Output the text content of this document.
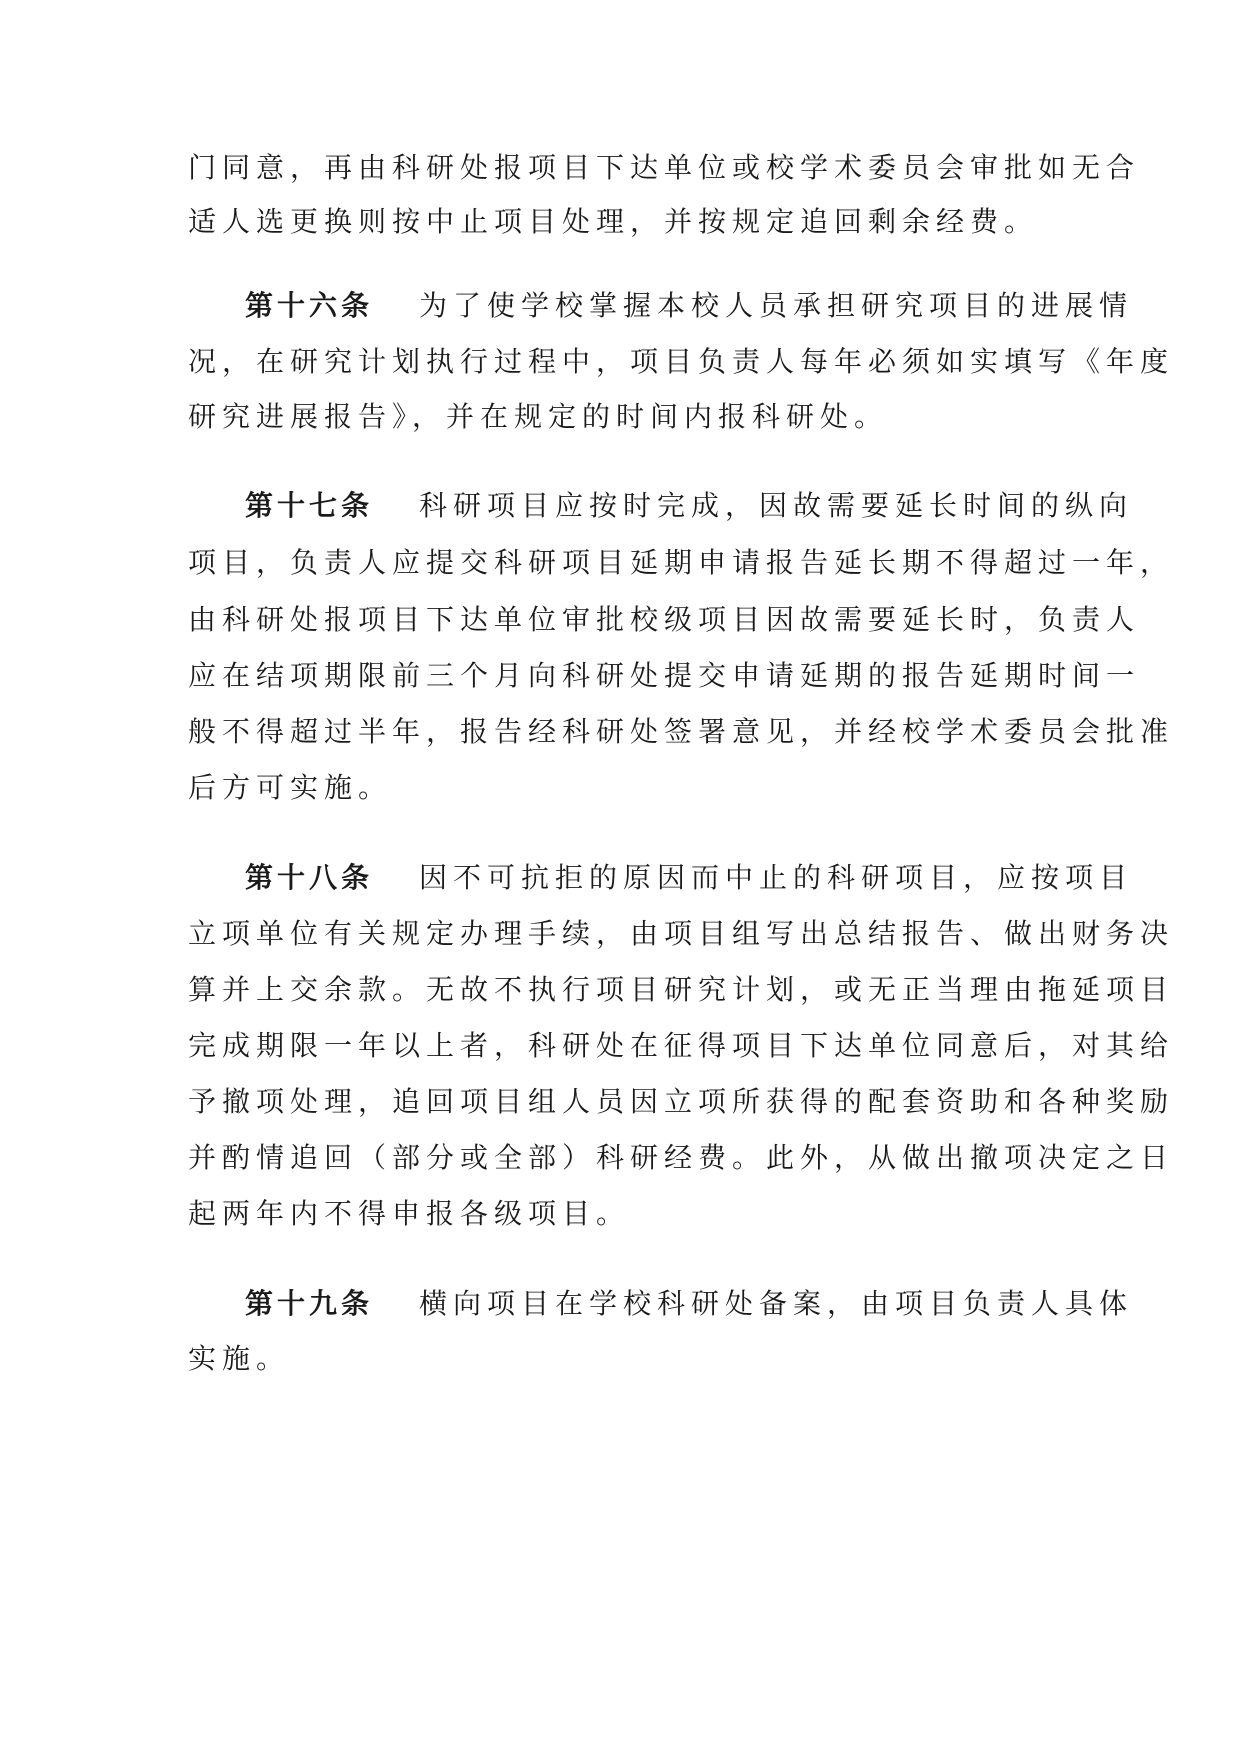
门同意，再由科研处报项目下达单位或校学术委员会审批如无合
适人选更换则按中止项目处理，并按规定追回剩余经费。
第十六条 为了使学校掌握本校人员承担研究项目的进展情
况，在研究计划执行过程中，项目负责人每年必须如实填写《年度
研究进展报告》，并在规定的时间内报科研处。
第十七条 科研项目应按时完成，因故需要延长时间的纵向
项目，负责人应提交科研项目延期申请报告延长期不得超过一年，
由科研处报项目下达单位审批校级项目因故需要延长时，负责人
应在结项期限前三个月向科研处提交申请延期的报告延期时间一
般不得超过半年，报告经科研处签署意见，并经校学术委员会批准
后方可实施。
第十八条 因不可抗拒的原因而中止的科研项目，应按项目
立项单位有关规定办理手续，由项目组写出总结报告、做出财务决
算并上交余款。无故不执行项目研究计划，或无正当理由拖延项目
完成期限一年以上者，科研处在征得项目下达单位同意后，对其给
予撤项处理，追回项目组人员因立项所获得的配套资助和各种奖励
并酌情追回（部分或全部）科研经费。此外，从做出撤项决定之日
起两年内不得申报各级项目。
第十九条 横向项目在学校科研处备案，由项目负责人具体
实施。
